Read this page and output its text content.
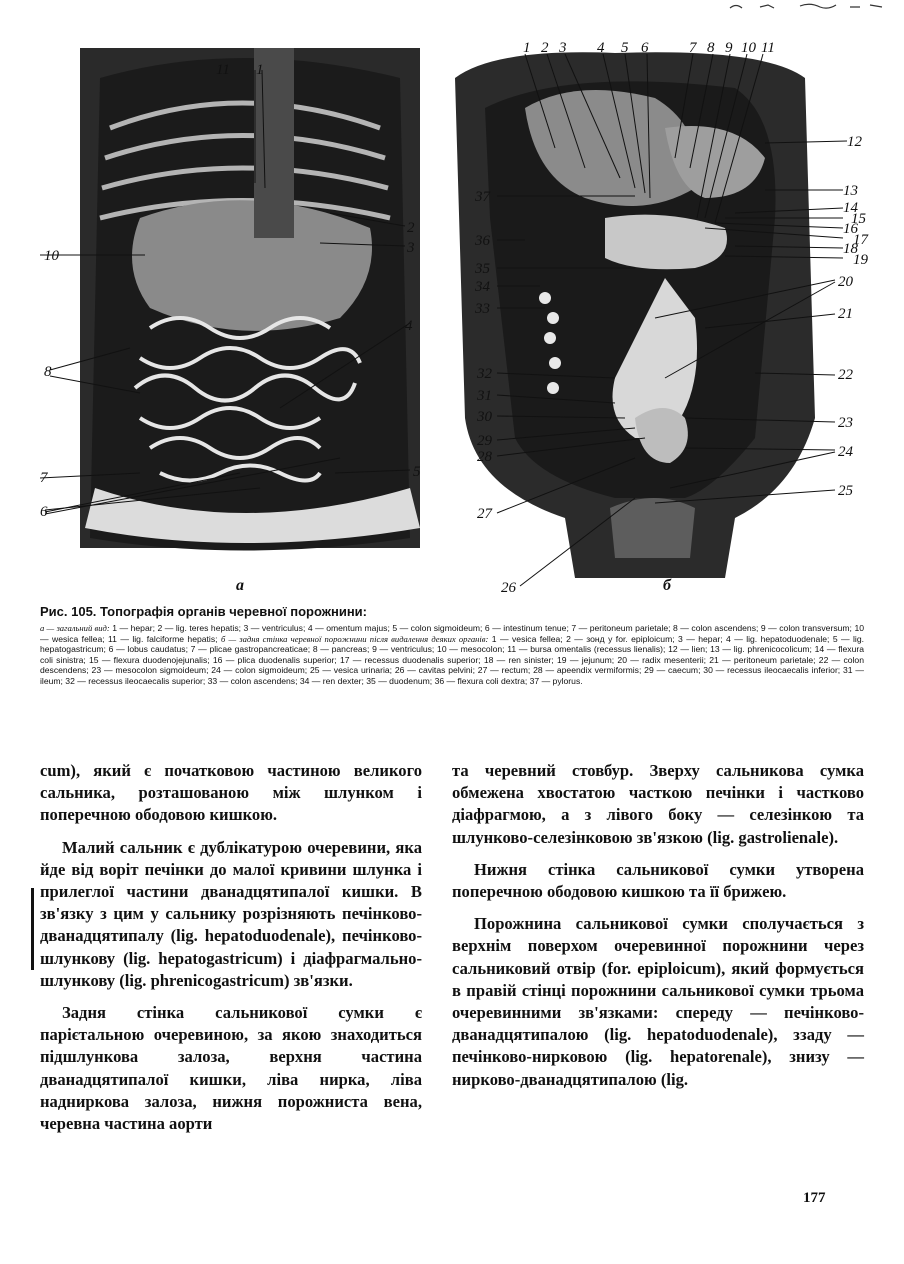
11 1
2
3
4
5
10
8
7
6
а
1 2 3 4 5 6	7 8 9 10 11
12
13
14
15
16
17
18
19
20
21
22
23
24
25
37
36
35
34
33
32
31
30
29
28
27
26	б
Рис. 105. Топографія органів черевної порожнини:

а — загальний вид: 1 — hepar; 2 — lig. teres hepatis; 3 — ventriculus; 4 — omentum majus; 5 — colon sigmoideum; 6 — intestinum tenue; 7 — peritoneum parietale; 8 — colon ascendens; 9 — colon transversum; 10 — wesica fellea; 11 — lig. falciforme hepatis; б — задня стінка черевної порожнини після видалення деяких органів: 1 — vesica fellea; 2 — зонд у for. epiploicum; 3 — hepar; 4 — lig. hepatoduodenale; 5 — lig. hepatogastricum; 6 — lobus caudatus; 7 — plicae gastropancreaticae; 8 — pancreas; 9 — ventriculus; 10 — mesocolon; 11 — bursa omentalis (recessus lienalis); 12 — lien; 13 — lig. phrenicocolicum; 14 — flexura coli sinistra; 15 — flexura duodenojejunalis; 16 — plica duodenalis superior; 17 — recessus duodenalis superior; 18 — ren sinister; 19 — jejunum; 20 — radix mesenterii; 21 — peritoneum parietale; 22 — colon descendens; 23 — mesocolon sigmoideum; 24 — colon sigmoideum; 25 — vesica urinaria; 26 — cavitas pelvini; 27 — rectum; 28 — apeendix vermiformis; 29 — caecum; 30 — recessus ileocaecalis inferior; 31 — ileum; 32 — recessus ileocaecalis superior; 33 — colon ascendens; 34 — ren dexter; 35 — duodenum; 36 — flexura coli dextra; 37 — pylorus.

cum), який є початковою частиною великого сальника, розташованою між шлунком і поперечною ободовою кишкою.

Малий сальник є дублікатурою очеревини, яка йде від воріт печінки до малої кривини шлунка і прилеглої частини дванадцятипалої кишки. В зв'язку з цим у сальнику розрізняють печінково-дванадцятипалу (lig. hepatoduodenale), печінково-шлункову (lig. hepatogastricum) і діафрагмально-шлункову (lig. phrenicogastricum) зв'язки.

Задня стінка сальникової сумки є парієтальною очеревиною, за якою знаходиться підшлункова залоза, верхня частина дванадцятипалої кишки, ліва нирка, ліва надниркова залоза, нижня порожниста вена, черевна частина аорти

та черевний стовбур. Зверху сальникова сумка обмежена хвостатою часткою печінки і частково діафрагмою, а з лівого боку — селезінкою та шлунково-селезінковою зв'язкою (lig. gastrolienale).

Нижня стінка сальникової сумки утворена поперечною ободовою кишкою та її брижею.

Порожнина сальникової сумки сполучається з верхнім поверхом очеревинної порожнини через сальниковий отвір (for. epiploicum), який формується в правій стінці порожнини сальникової сумки трьома очеревинними зв'язками: спереду — печінково-дванадцятипалою (lig. hepatoduodenale), ззаду — печінково-нирковою (lig. hepatorenale), знизу — нирково-дванадцятипалою (lig.

177
